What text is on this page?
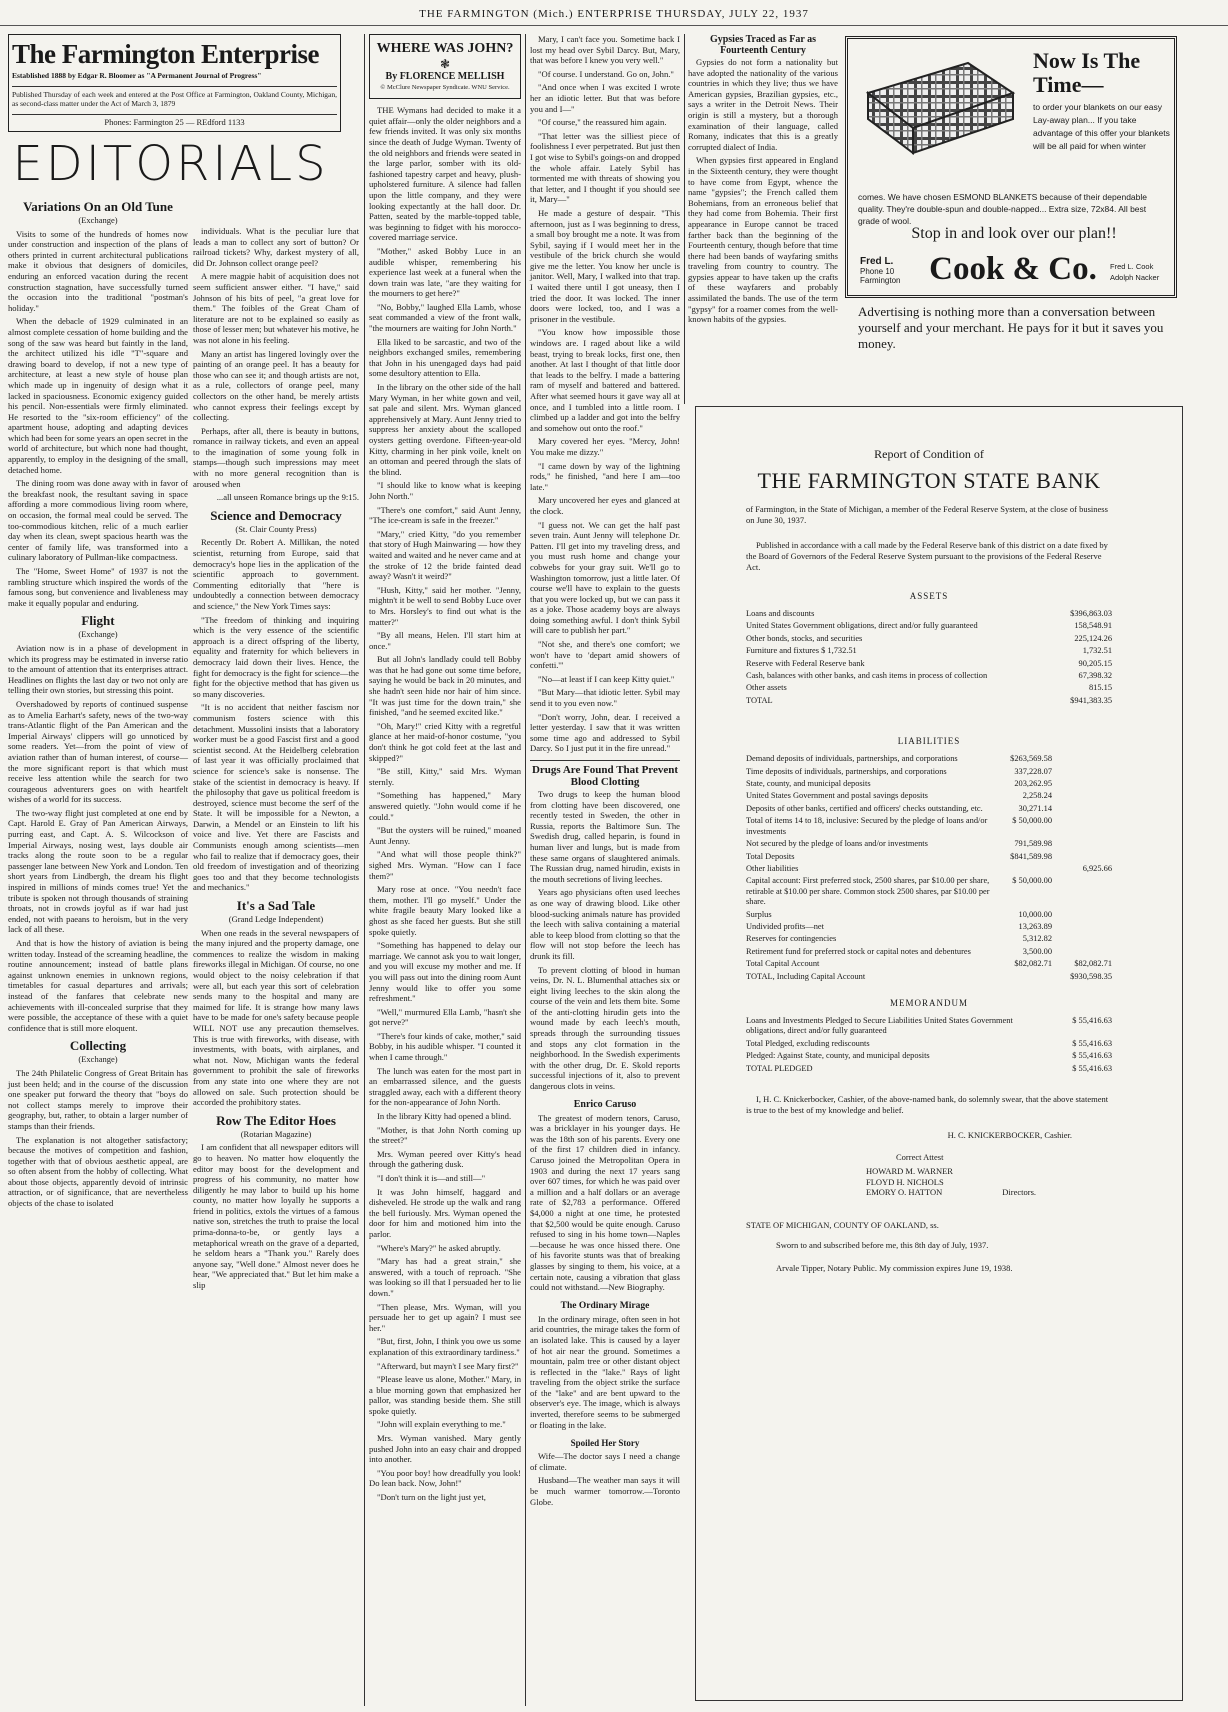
THE FARMINGTON (Mich.) ENTERPRISE THURSDAY, JULY 22, 1937
The Farmington Enterprise
Established 1888 by Edgar R. Bloomer as "A Permanent Journal of Progress"
Published Thursday of each week and entered at the Post Office at Farmington, Oakland County, Michigan, as second-class matter under the Act of March 3, 1879
Phones: Farmington 25 — REdford 1133
EDITORIALS
Variations On an Old Tune
(Exchange)

Visits to some of the hundreds of homes now under construction and inspection of the plans of others printed in current architectural publications make it obvious that designers of domiciles, enduring an enforced vacation during the recent construction stagnation, have successfully turned the occasion into the traditional "postman's holiday."

When the debacle of 1929 culminated in an almost complete cessation of home building and the song of the saw was heard but faintly in the land, the architect utilized his idle "T"-square and drawing board to develop, if not a new type of architecture, at least a new style of house plan which made up in ingenuity of design what it lacked in spaciousness. Economic exigency guided his pencil. Non-essentials were firmly eliminated. He resorted to the "six-room efficiency" of the apartment house, adopting and adapting devices which had been for some years an open secret in the world of architecture, but which none had thought, apparently, to employ in the designing of the small, detached home.

The dining room was done away with in favor of the breakfast nook, the resultant saving in space affording a more commodious living room where, on occasion, the formal meal could be served. The too-commodious kitchen, relic of a much earlier day when its clean, swept spacious hearth was the center of family life, was transformed into a culinary laboratory of Pullman-like compactness.

The "Home, Sweet Home" of 1937 is not the rambling structure which inspired the words of the famous song, but convenience and livableness may make it equally popular and enduring.

Flight
(Exchange)

Aviation now is in a phase of development in which its progress may be estimated in inverse ratio to the amount of attention that its enterprises attract. Headlines on flights the last day or two not only are telling their own stories, but stressing this point.

Overshadowed by reports of continued suspense as to Amelia Earhart's safety, news of the two-way trans-Atlantic flight of the Pan American and the Imperial Airways' clippers will go unnoticed by some readers. Yet—from the point of view of aviation rather than of human interest, of course—the more significant report is that which must receive less attention while the search for two courageous adventurers goes on with heartfelt wishes of a world for its success.

The two-way flight just completed at one end by Capt. Harold E. Gray of Pan American Airways, purring east, and Capt. A. S. Wilcockson of Imperial Airways, nosing west, lays double air tracks along the route soon to be a regular passenger lane between New York and London. Ten short years from Lindbergh, the dream his flight inspired in millions of minds comes true! Yet the tribute is spoken not through thousands of straining throats, not in crowds joyful as if war had just ended, not with paeans to heroism, but in the very lack of all these.

And that is how the history of aviation is being written today. Instead of the screaming headline, the routine announcement; instead of battle plans against unknown enemies in unknown regions, timetables for casual departures and arrivals; instead of the fanfares that celebrate new achievements with ill-concealed surprise that they were possible, the acceptance of these with a quiet confidence that is still more eloquent.

Collecting
(Exchange)

The 24th Philatelic Congress of Great Britain has just been held; and in the course of the discussion one speaker put forward the theory that "boys do not collect stamps merely to improve their geography, but, rather, to obtain a larger number of stamps than their friends.

The explanation is not altogether satisfactory; because the motives of competition and fashion, together with that of obvious aesthetic appeal, are so often absent from the hobby of collecting. What about those objects, apparently devoid of intrinsic attraction, or of significance, that are nevertheless objects of the chase to isolated

individuals. What is the peculiar lure that leads a man to collect any sort of button? Or railroad tickets? Why, darkest mystery of all, did Dr. Johnson collect orange peel?

A mere magpie habit of acquisition does not seem sufficient answer either. "I have," said Johnson of his bits of peel, "a great love for them." The foibles of the Great Cham of literature are not to be explained so easily as those of lesser men; but whatever his motive, he was not alone in his feeling.

Many an artist has lingered lovingly over the painting of an orange peel. It has a beauty for those who can see it; and though artists are not, as a rule, collectors of orange peel, many collectors on the other hand, be merely artists who cannot express their feelings except by collecting.

Perhaps, after all, there is beauty in buttons, romance in railway tickets, and even an appeal to the imagination of some young folk in stamps—though such impressions may meet with no more general recognition than is aroused when

...all unseen Romance brings up the 9:15.

Science and Democracy
(St. Clair County Press)

Recently Dr. Robert A. Millikan, the noted scientist, returning from Europe, said that democracy's hope lies in the application of the scientific approach to government. Commenting editorially that "here is undoubtedly a connection between democracy and science," the New York Times says:

"The freedom of thinking and inquiring which is the very essence of the scientific approach is a direct offspring of the liberty, equality and fraternity for which believers in democracy laid down their lives. Hence, the fight for democracy is the fight for science—the fight for the objective method that has given us so many discoveries.

"It is no accident that neither fascism nor communism fosters science with this detachment. Mussolini insists that a laboratory worker must be a good Fascist first and a good scientist second. At the Heidelberg celebration of last year it was officially proclaimed that science for science's sake is nonsense. The stake of the scientist in democracy is heavy. If the philosophy that gave us political freedom is destroyed, science must become the serf of the State. It will be impossible for a Newton, a Darwin, a Mendel or an Einstein to lift his voice and live. Yet there are Fascists and Communists enough among scientists—men who fail to realize that if democracy goes, their old freedom of investigation and of theorizing goes too and that they become technologists and mechanics."

It's a Sad Tale
(Grand Ledge Independent)

When one reads in the several newspapers of the many injured and the property damage, one commences to realize the wisdom in making fireworks illegal in Michigan. Of course, no one would object to the noisy celebration if that were all, but each year this sort of celebration sends many to the hospital and many are maimed for life. It is strange how many laws have to be made for one's safety because people WILL NOT use any precaution themselves. This is true with fireworks, with disease, with investments, with boats, with airplanes, and what not. Now, Michigan wants the federal government to prohibit the sale of fireworks from any state into one where they are not allowed on sale. Such protection should be accorded the prohibitory states.

Row The Editor Hoes
(Rotarian Magazine)

I am confident that all newspaper editors will go to heaven. No matter how eloquently the editor may boost for the development and progress of his community, no matter how diligently he may labor to build up his home county, no matter how loyally he supports a friend in politics, extols the virtues of a famous native son, stretches the truth to praise the local prima-donna-to-be, or gently lays a metaphorical wreath on the grave of a departed, he seldom hears a "Thank you." Rarely does anyone say, "Well done." Almost never does he hear, "We appreciated that." But let him make a slip

WHERE WAS JOHN?
❃
By FLORENCE MELLISH
© McClure Newspaper Syndicate. WNU Service.

THE Wymans had decided to make it a quiet affair—only the older neighbors and a few friends invited. It was only six months since the death of Judge Wyman. Twenty of the old neighbors and friends were seated in the large parlor, somber with its old-fashioned tapestry carpet and heavy, plush-upholstered furniture. A silence had fallen upon the little company, and they were looking expectantly at the hall door. Dr. Patten, seated by the marble-topped table, was beginning to fidget with his morocco-covered marriage service.

"Mother," asked Bobby Luce in an audible whisper, remembering his experience last week at a funeral when the down train was late, "are they waiting for the mourners to get here?"

"No, Bobby," laughed Ella Lamb, whose seat commanded a view of the front walk, "the mourners are waiting for John North."

Ella liked to be sarcastic, and two of the neighbors exchanged smiles, remembering that John in his unengaged days had paid some desultory attention to Ella.

In the library on the other side of the hall Mary Wyman, in her white gown and veil, sat pale and silent. Mrs. Wyman glanced apprehensively at Mary. Aunt Jenny tried to suppress her anxiety about the scalloped oysters getting overdone. Fifteen-year-old Kitty, charming in her pink voile, knelt on an ottoman and peered through the slats of the blind.

"I should like to know what is keeping John North."

"There's one comfort," said Aunt Jenny, "The ice-cream is safe in the freezer."

"Mary," cried Kitty, "do you remember that story of Hugh Mainwaring — how they waited and waited and he never came and at the stroke of 12 the bride fainted dead away? Wasn't it weird?"

"Hush, Kitty," said her mother. "Jenny, mightn't it be well to send Bobby Luce over to Mrs. Horsley's to find out what is the matter?"

"By all means, Helen. I'll start him at once."

But all John's landlady could tell Bobby was that he had gone out some time before, saying he would be back in 20 minutes, and she hadn't seen hide nor hair of him since. "It was just time for the down train," she finished, "and he seemed excited like."

"Oh, Mary!" cried Kitty with a regretful glance at her maid-of-honor costume, "you don't think he got cold feet at the last and skipped?"

"Be still, Kitty," said Mrs. Wyman sternly.

"Something has happened," Mary answered quietly. "John would come if he could."

"But the oysters will be ruined," moaned Aunt Jenny.

"And what will those people think?" sighed Mrs. Wyman. "How can I face them?"

Mary rose at once. "You needn't face them, mother. I'll go myself." Under the white fragile beauty Mary looked like a ghost as she faced her guests. But she still spoke quietly.

"Something has happened to delay our marriage. We cannot ask you to wait longer, and you will excuse my mother and me. If you will pass out into the dining room Aunt Jenny would like to offer you some refreshment."

"Well," murmured Ella Lamb, "hasn't she got nerve?"

"There's four kinds of cake, mother," said Bobby, in his audible whisper. "I counted it when I came through."

The lunch was eaten for the most part in an embarrassed silence, and the guests straggled away, each with a different theory for the non-appearance of John North.

In the library Kitty had opened a blind.

"Mother, is that John North coming up the street?"

Mrs. Wyman peered over Kitty's head through the gathering dusk.

"I don't think it is—and still—"

It was John himself, haggard and disheveled. He strode up the walk and rang the bell furiously. Mrs. Wyman opened the door for him and motioned him into the parlor.

"Where's Mary?" he asked abruptly.

"Mary has had a great strain," she answered, with a touch of reproach. "She was looking so ill that I persuaded her to lie down."

"Then please, Mrs. Wyman, will you persuade her to get up again? I must see her."

"But, first, John, I think you owe us some explanation of this extraordinary tardiness."

"Afterward, but mayn't I see Mary first?"

"Please leave us alone, Mother." Mary, in a blue morning gown that emphasized her pallor, was standing beside them. She still spoke quietly.

"John will explain everything to me."

Mrs. Wyman vanished. Mary gently pushed John into an easy chair and dropped into another.

"You poor boy! how dreadfully you look! Do lean back. Now, John!"

"Don't turn on the light just yet,

Mary, I can't face you. Sometime back I lost my head over Sybil Darcy. But, Mary, that was before I knew you very well."

"Of course. I understand. Go on, John."

"And once when I was excited I wrote her an idiotic letter. But that was before you and I—"

"Of course," the reassured him again.

"That letter was the silliest piece of foolishness I ever perpetrated. But just then I got wise to Sybil's goings-on and dropped the whole affair. Lately Sybil has tormented me with threats of showing you that letter, and I thought if you should see it, Mary—"

He made a gesture of despair. "This afternoon, just as I was beginning to dress, a small boy brought me a note. It was from Sybil, saying if I would meet her in the vestibule of the brick church she would give me the letter. You know her uncle is janitor. Well, Mary, I walked into that trap. I waited there until I got uneasy, then I tried the door. It was locked. The inner doors were locked, too, and I was a prisoner in the vestibule.

"You know how impossible those windows are. I raged about like a wild beast, trying to break locks, first one, then another. At last I thought of that little door that leads to the belfry. I made a battering ram of myself and battered and battered. After what seemed hours it gave way all at once, and I tumbled into a little room. I climbed up a ladder and got into the belfry and somehow out onto the roof."

Mary covered her eyes. "Mercy, John! You make me dizzy."

"I came down by way of the lightning rods," he finished, "and here I am—too late."

Mary uncovered her eyes and glanced at the clock.

"I guess not. We can get the half past seven train. Aunt Jenny will telephone Dr. Patten. I'll get into my traveling dress, and you must rush home and change your cobwebs for your gray suit. We'll go to Washington tomorrow, just a little later. Of course we'll have to explain to the guests that you were locked up, but we can pass it as a joke. Those academy boys are always doing something awful. I don't think Sybil will care to publish her part."

"Not she, and there's one comfort; we won't have to 'depart amid showers of confetti.'"

"No—at least if I can keep Kitty quiet."

"But Mary—that idiotic letter. Sybil may send it to you even now."

"Don't worry, John, dear. I received a letter yesterday. I saw that it was written some time ago and addressed to Sybil Darcy. So I just put it in the fire unread."

Drugs Are Found That Prevent Blood Clotting

Two drugs to keep the human blood from clotting have been discovered, one recently tested in Sweden, the other in Russia, reports the Baltimore Sun. The Swedish drug, called heparin, is found in human liver and lungs, but is made from these same organs of slaughtered animals. The Russian drug, named hirudin, exists in the mouth secretions of living leeches.

Years ago physicians often used leeches as one way of drawing blood. Like other blood-sucking animals nature has provided the leech with saliva containing a material able to keep blood from clotting so that the flow will not stop before the leech has drunk its fill.

To prevent clotting of blood in human veins, Dr. N. L. Blumenthal attaches six or eight living leeches to the skin along the course of the vein and lets them bite. Some of the anti-clotting hirudin gets into the wound made by each leech's mouth, spreads through the surrounding tissues and stops any clot formation in the neighborhood. In the Swedish experiments with the other drug, Dr. E. Skold reports successful injections of it, also to prevent dangerous clots in veins.

Enrico Caruso

The greatest of modern tenors, Caruso, was a bricklayer in his younger days. He was the 18th son of his parents. Every one of the first 17 children died in infancy. Caruso joined the Metropolitan Opera in 1903 and during the next 17 years sang over 607 times, for which he was paid over a million and a half dollars or an average rate of $2,783 a performance. Offered $4,000 a night at one time, he protested that $2,500 would be quite enough. Caruso refused to sing in his home town—Naples—because he was once hissed there. One of his favorite stunts was that of breaking glasses by singing to them, his voice, at a certain note, causing a vibration that glass could not withstand.—New Biography.

The Ordinary Mirage

In the ordinary mirage, often seen in hot arid countries, the mirage takes the form of an isolated lake. This is caused by a layer of hot air near the ground. Sometimes a mountain, palm tree or other distant object is reflected in the "lake." Rays of light traveling from the object strike the surface of the "lake" and are bent upward to the observer's eye. The image, which is always inverted, therefore seems to be submerged or floating in the lake.

Spoiled Her Story

Wife—The doctor says I need a change of climate.

Husband—The weather man says it will be much warmer tomorrow.—Toronto Globe.

Gypsies Traced as Far as Fourteenth Century

Gypsies do not form a nationality but have adopted the nationality of the various countries in which they live; thus we have American gypsies, Brazilian gypsies, etc., says a writer in the Detroit News. Their origin is still a mystery, but a thorough examination of their language, called Romany, indicates that this is a greatly corrupted dialect of India.

When gypsies first appeared in England in the Sixteenth century, they were thought to have come from Egypt, whence the name "gypsies"; the French called them Bohemians, from an erroneous belief that they had come from Bohemia. Their first appearance in Europe cannot be traced farther back than the beginning of the Fourteenth century, though before that time there had been bands of wayfaring smiths traveling from country to country. The gypsies appear to have taken up the crafts of these wayfarers and probably assimilated the bands. The use of the term "gypsy" for a roamer comes from the well-known habits of the gypsies.

Now Is The Time—
to order your blankets on our easy Lay-away plan... If you take advantage of this offer your blankets will be all paid for when winter
comes. We have chosen ESMOND BLANKETS because of their dependable quality. They're double-spun and double-napped... Extra size, 72x84. All best grade of wool.
Stop in and look over our plan!!
Fred L.
Phone 10
Farmington Cook & Co.	Fred L. Cook
Adolph Nacker
Advertising is nothing more than a conversation between yourself and your merchant. He pays for it but it saves you money.
Report of Condition of
THE FARMINGTON STATE BANK
of Farmington, in the State of Michigan, a member of the Federal Reserve System, at the close of business on June 30, 1937.
Published in accordance with a call made by the Federal Reserve bank of this district on a date fixed by the Board of Governors of the Federal Reserve System pursuant to the provisions of the Federal Reserve Act.
ASSETS
Loans and discounts	$396,863.03
United States Government obligations, direct and/or fully guaranteed	158,548.91
Other bonds, stocks, and securities	225,124.26
Furniture and fixtures $ 1,732.51	1,732.51
Reserve with Federal Reserve bank	90,205.15
Cash, balances with other banks, and cash items in process of collection	67,398.32
Other assets	815.15
TOTAL	$941,383.35
LIABILITIES
Demand deposits of individuals, partnerships, and corporations	$263,569.58
Time deposits of individuals, partnerships, and corporations	337,228.07
State, county, and municipal deposits	203,262.95
United States Government and postal savings deposits	2,258.24
Deposits of other banks, certified and officers' checks outstanding, etc.	30,271.14
Total of items 14 to 18, inclusive: Secured by the pledge of loans and/or investments
$ 50,000.00
Not secured by the pledge of loans and/or investments	791,589.98
Total Deposits	$841,589.98
Other liabilities	6,925.66
Capital account: First preferred stock, 2500 shares, par $10.00 per share, retirable at $10.00 per share. Common stock 2500 shares, par $10.00 per share.
$ 50,000.00
Surplus	10,000.00
Undivided profits—net	13,263.89
Reserves for contingencies	5,312.82
Retirement fund for preferred stock or capital notes and debentures	3,500.00
Total Capital Account	$82,082.71	$82,082.71
TOTAL, Including Capital Account	$930,598.35
MEMORANDUM
Loans and Investments Pledged to Secure Liabilities United States Government obligations, direct and/or fully guaranteed
$ 55,416.63
Total Pledged, excluding rediscounts	$ 55,416.63
Pledged: Against State, county, and municipal deposits	$ 55,416.63
TOTAL PLEDGED	$ 55,416.63
I, H. C. Knickerbocker, Cashier, of the above-named bank, do solemnly swear, that the above statement is true to the best of my knowledge and belief.
H. C. KNICKERBOCKER, Cashier.
Correct Attest
HOWARD M. WARNER
FLOYD H. NICHOLS
EMORY O. HATTON	Directors.
STATE OF MICHIGAN, COUNTY OF OAKLAND, ss.
Sworn to and subscribed before me, this 8th day of July, 1937.
Arvale Tipper, Notary Public. My commission expires June 19, 1938.
